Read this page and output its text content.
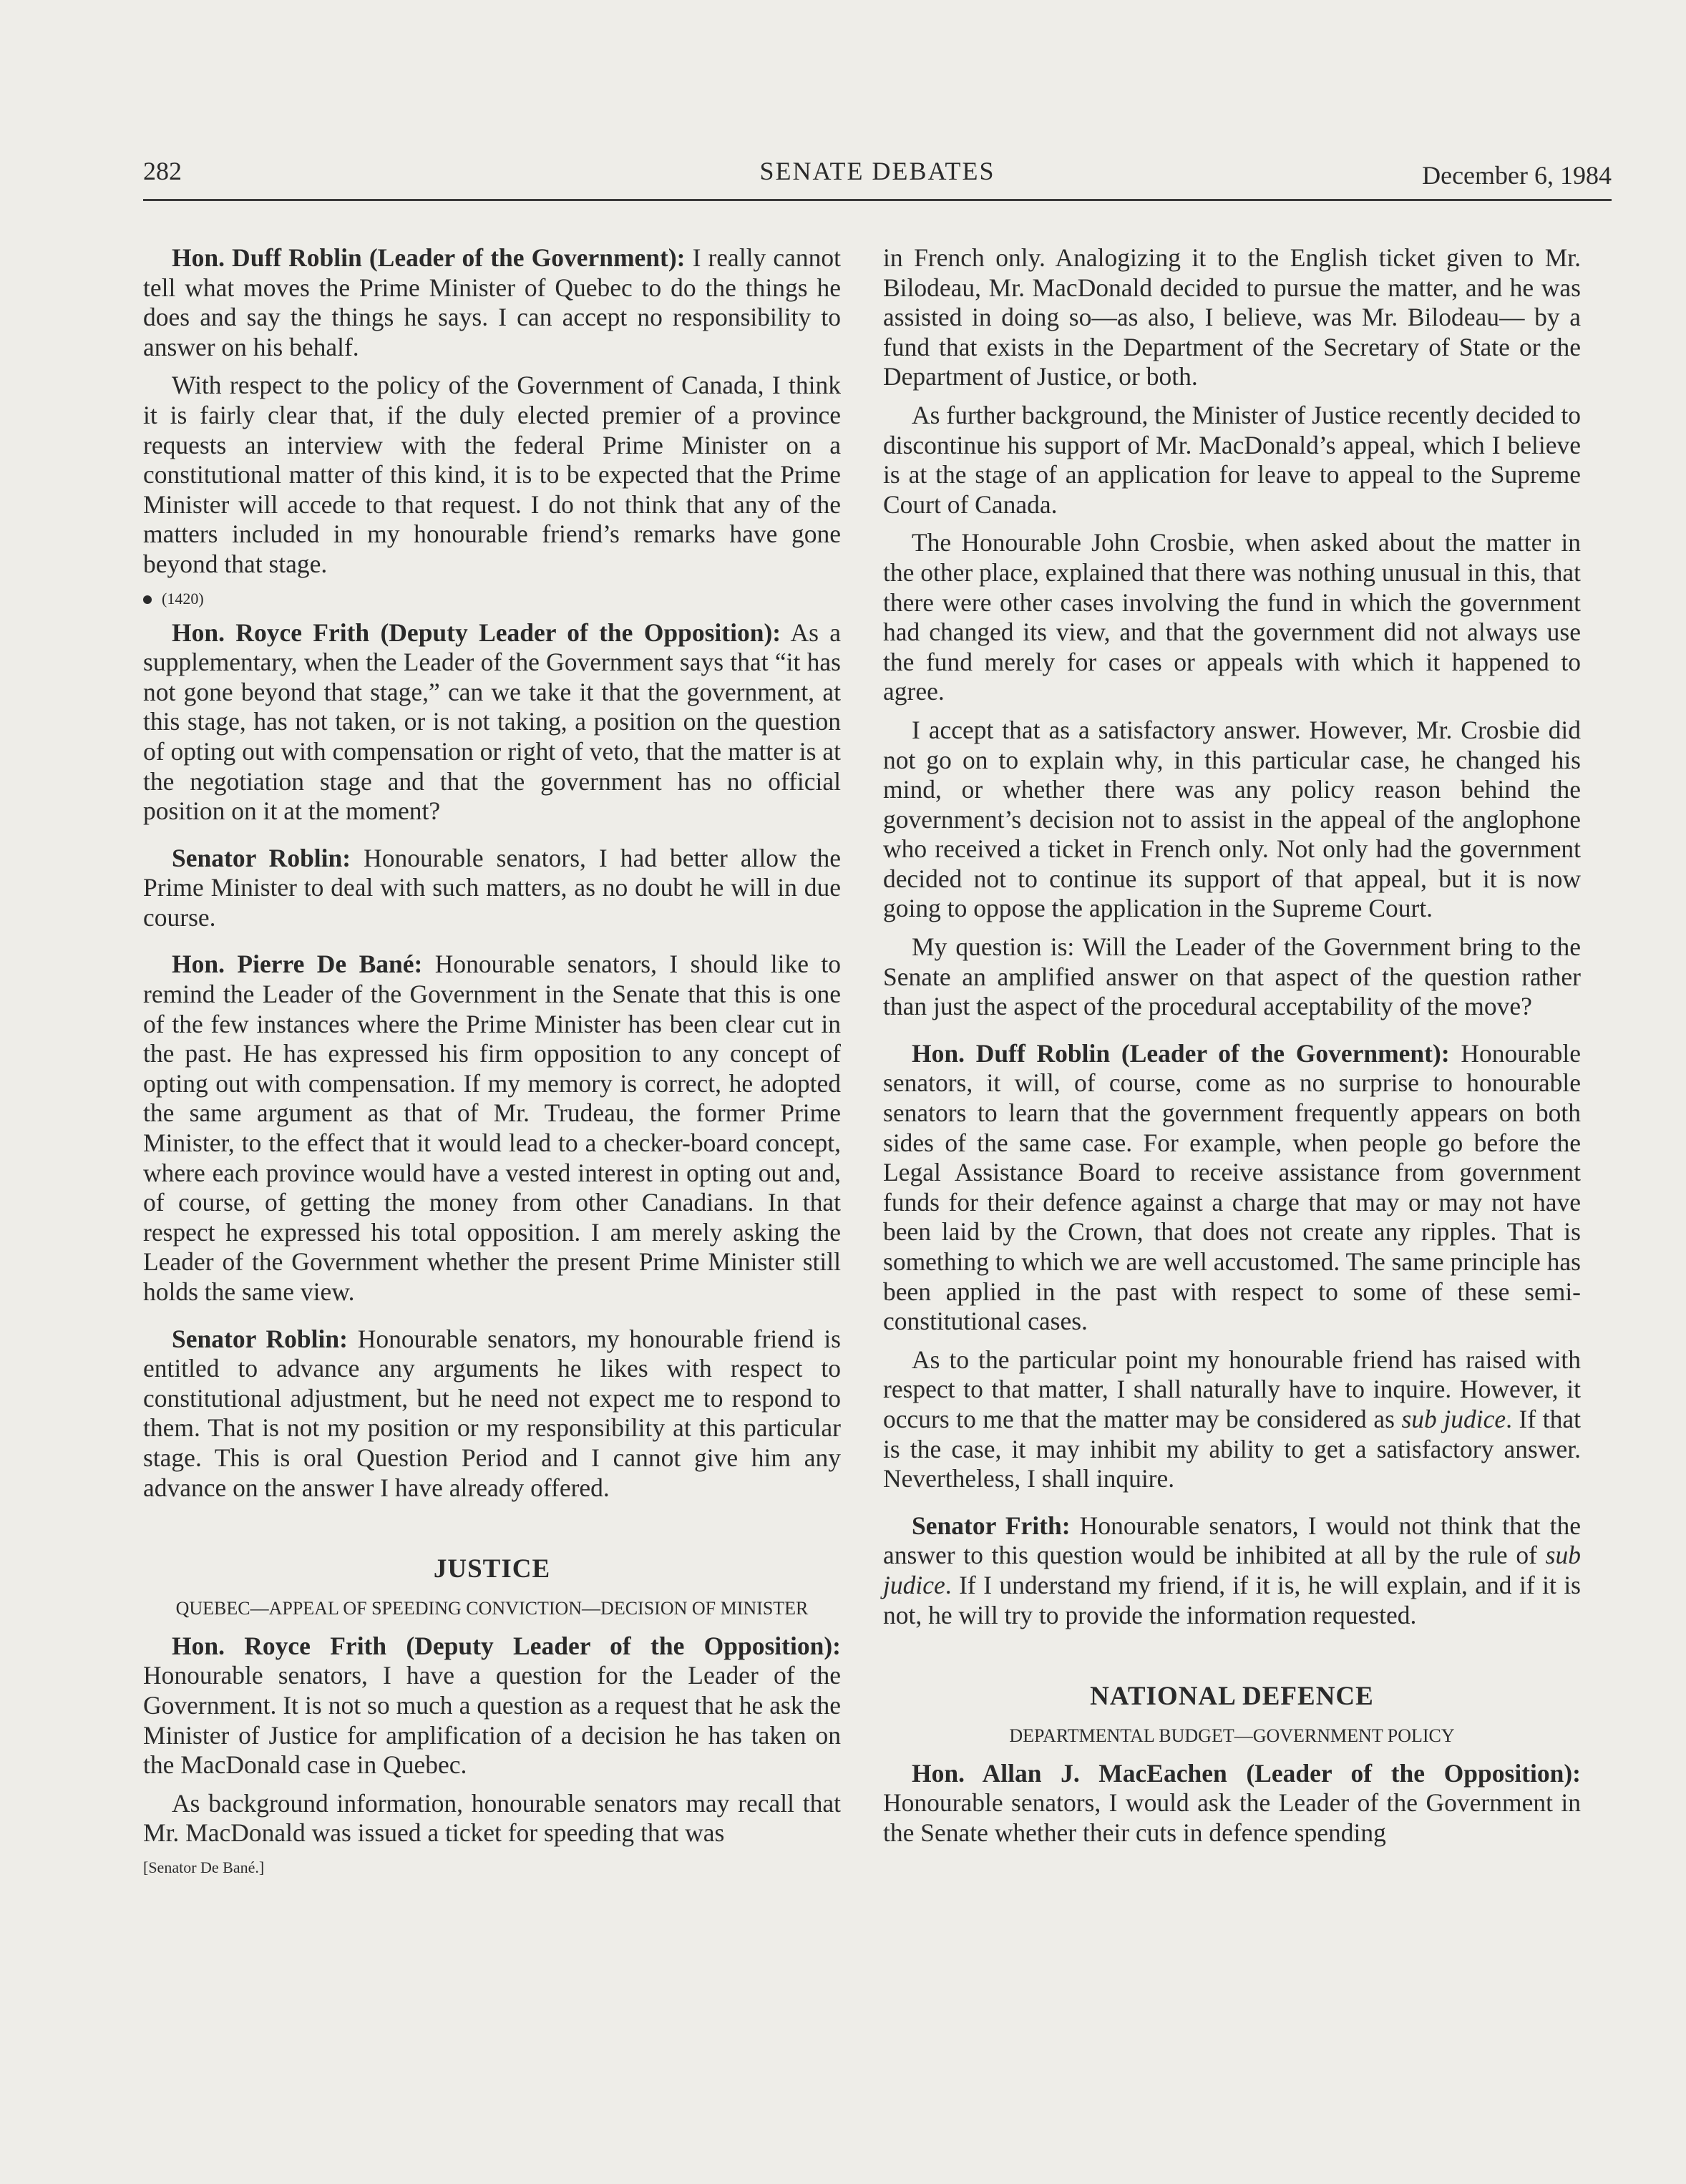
282	SENATE DEBATES	December 6, 1984

Hon. Duff Roblin (Leader of the Government): I really cannot tell what moves the Prime Minister of Quebec to do the things he does and say the things he says. I can accept no responsibility to answer on his behalf.

With respect to the policy of the Government of Canada, I think it is fairly clear that, if the duly elected premier of a province requests an interview with the federal Prime Minister on a constitutional matter of this kind, it is to be expected that the Prime Minister will accede to that request. I do not think that any of the matters included in my honourable friend’s remarks have gone beyond that stage.

(1420)

Hon. Royce Frith (Deputy Leader of the Opposition): As a supplementary, when the Leader of the Government says that “it has not gone beyond that stage,” can we take it that the government, at this stage, has not taken, or is not taking, a position on the question of opting out with compensation or right of veto, that the matter is at the negotiation stage and that the government has no official position on it at the moment?

Senator Roblin: Honourable senators, I had better allow the Prime Minister to deal with such matters, as no doubt he will in due course.

Hon. Pierre De Bané: Honourable senators, I should like to remind the Leader of the Government in the Senate that this is one of the few instances where the Prime Minister has been clear cut in the past. He has expressed his firm opposition to any concept of opting out with compensation. If my memory is correct, he adopted the same argument as that of Mr. Trudeau, the former Prime Minister, to the effect that it would lead to a checker-board concept, where each province would have a vested interest in opting out and, of course, of getting the money from other Canadians. In that respect he expressed his total opposition. I am merely asking the Leader of the Government whether the present Prime Minister still holds the same view.

Senator Roblin: Honourable senators, my honourable friend is entitled to advance any arguments he likes with respect to constitutional adjustment, but he need not expect me to respond to them. That is not my position or my responsibility at this particular stage. This is oral Question Period and I cannot give him any advance on the answer I have already offered.

JUSTICE
QUEBEC—APPEAL OF SPEEDING CONVICTION—DECISION OF MINISTER

Hon. Royce Frith (Deputy Leader of the Opposition): Honourable senators, I have a question for the Leader of the Government. It is not so much a question as a request that he ask the Minister of Justice for amplification of a decision he has taken on the MacDonald case in Quebec.

As background information, honourable senators may recall that Mr. MacDonald was issued a ticket for speeding that was

[Senator De Bané.]

in French only. Analogizing it to the English ticket given to Mr. Bilodeau, Mr. MacDonald decided to pursue the matter, and he was assisted in doing so—as also, I believe, was Mr. Bilodeau— by a fund that exists in the Department of the Secretary of State or the Department of Justice, or both.

As further background, the Minister of Justice recently decided to discontinue his support of Mr. MacDonald’s appeal, which I believe is at the stage of an application for leave to appeal to the Supreme Court of Canada.

The Honourable John Crosbie, when asked about the matter in the other place, explained that there was nothing unusual in this, that there were other cases involving the fund in which the government had changed its view, and that the government did not always use the fund merely for cases or appeals with which it happened to agree.

I accept that as a satisfactory answer. However, Mr. Crosbie did not go on to explain why, in this particular case, he changed his mind, or whether there was any policy reason behind the government’s decision not to assist in the appeal of the anglophone who received a ticket in French only. Not only had the government decided not to continue its support of that appeal, but it is now going to oppose the application in the Supreme Court.

My question is: Will the Leader of the Government bring to the Senate an amplified answer on that aspect of the question rather than just the aspect of the procedural acceptability of the move?

Hon. Duff Roblin (Leader of the Government): Honourable senators, it will, of course, come as no surprise to honourable senators to learn that the government frequently appears on both sides of the same case. For example, when people go before the Legal Assistance Board to receive assistance from government funds for their defence against a charge that may or may not have been laid by the Crown, that does not create any ripples. That is something to which we are well accustomed. The same principle has been applied in the past with respect to some of these semi-constitutional cases.

As to the particular point my honourable friend has raised with respect to that matter, I shall naturally have to inquire. However, it occurs to me that the matter may be considered as sub judice. If that is the case, it may inhibit my ability to get a satisfactory answer. Nevertheless, I shall inquire.

Senator Frith: Honourable senators, I would not think that the answer to this question would be inhibited at all by the rule of sub judice. If I understand my friend, if it is, he will explain, and if it is not, he will try to provide the information requested.

NATIONAL DEFENCE
DEPARTMENTAL BUDGET—GOVERNMENT POLICY

Hon. Allan J. MacEachen (Leader of the Opposition): Honourable senators, I would ask the Leader of the Government in the Senate whether their cuts in defence spending
